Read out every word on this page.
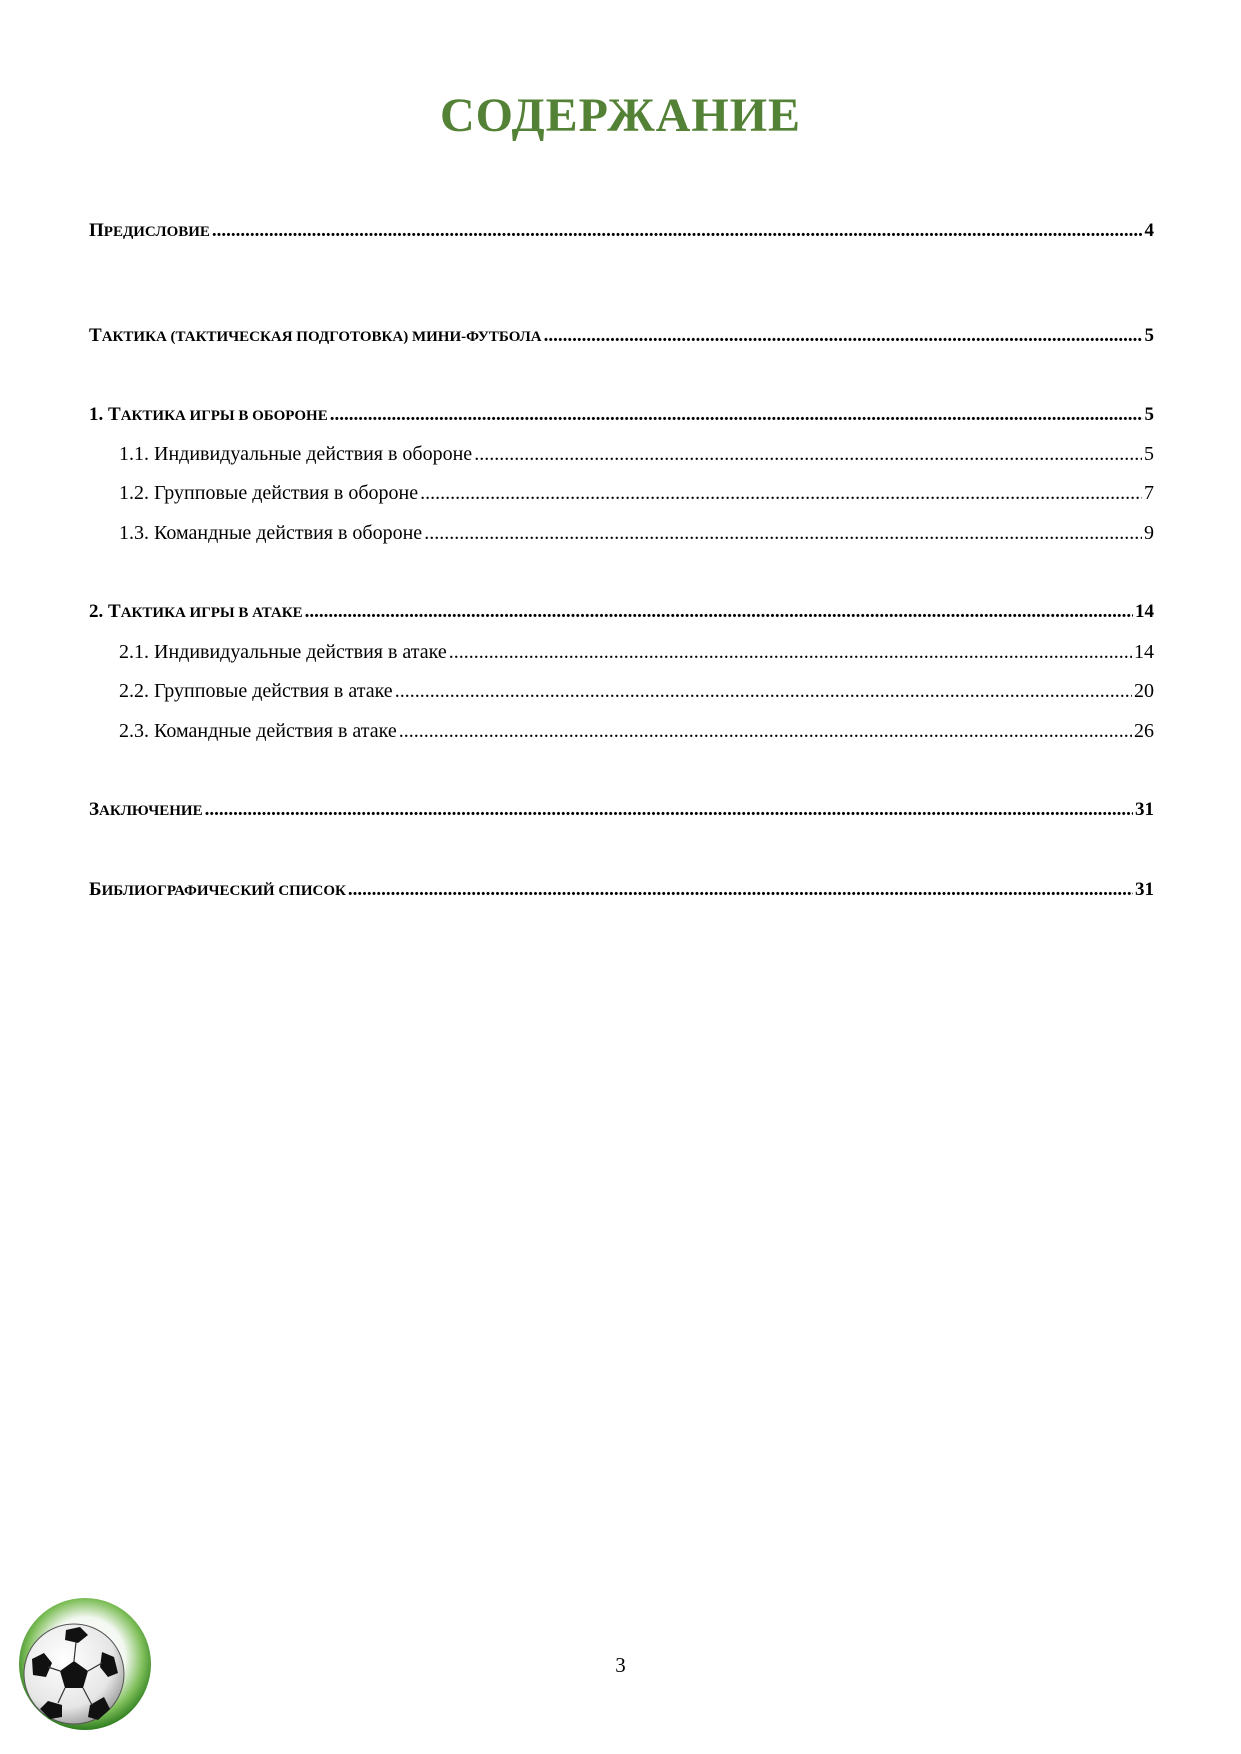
СОДЕРЖАНИЕ
ПРЕДИСЛОВИЕ .....	4
ТАКТИКА (ТАКТИЧЕСКАЯ ПОДГОТОВКА) МИНИ-ФУТБОЛА .....	5
1. ТАКТИКА ИГРЫ В ОБОРОНЕ .....	5
1.1. Индивидуальные действия в обороне .....	5
1.2. Групповые действия в обороне .....	7
1.3. Командные действия в обороне .....	9
2. ТАКТИКА ИГРЫ В АТАКЕ .....	14
2.1. Индивидуальные действия в атаке .....	14
2.2. Групповые действия в атаке .....	20
2.3. Командные действия в атаке .....	26
ЗАКЛЮЧЕНИЕ .....	31
БИБЛИОГРАФИЧЕСКИЙ СПИСОК .....	31
3
